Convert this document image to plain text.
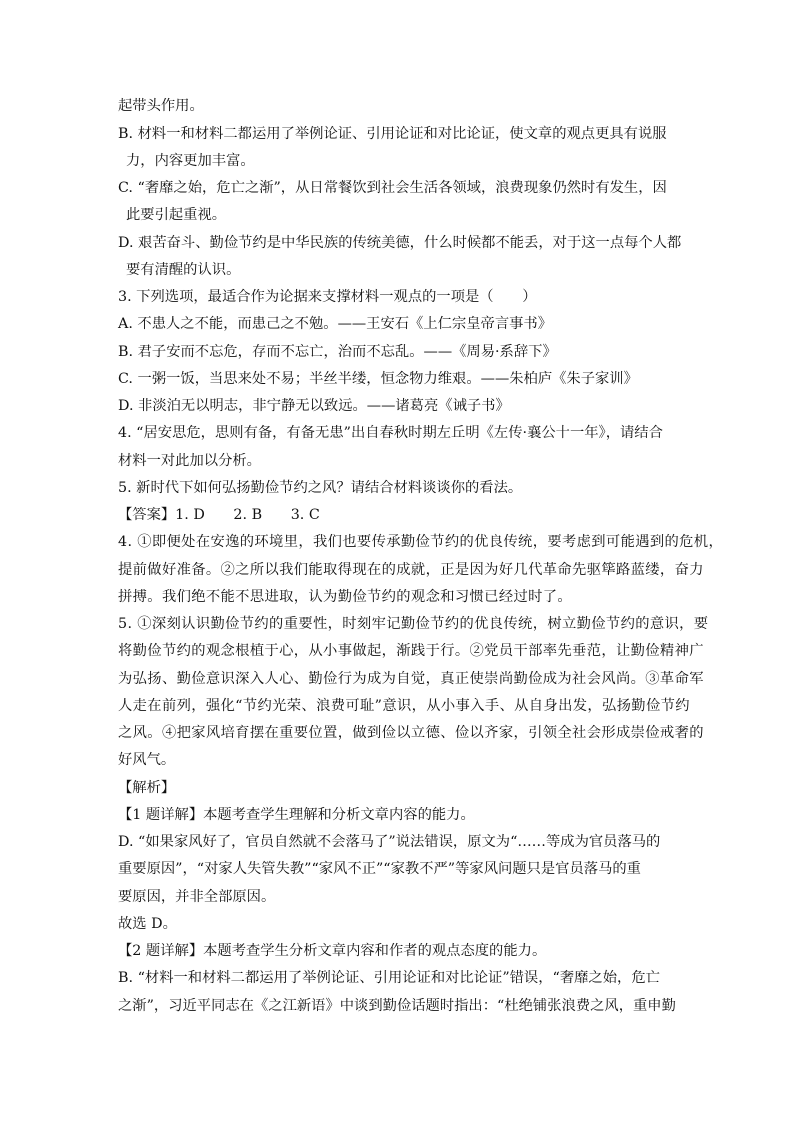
起带头作用。
B. 材料一和材料二都运用了举例论证、引用论证和对比论证，使文章的观点更具有说服
力，内容更加丰富。
C. “奢靡之始，危亡之渐”，从日常餐饮到社会生活各领域，浪费现象仍然时有发生，因
此要引起重视。
D. 艰苦奋斗、勤俭节约是中华民族的传统美德，什么时候都不能丢，对于这一点每个人都
要有清醒的认识。
3. 下列选项，最适合作为论据来支撑材料一观点的一项是（　　）
A. 不患人之不能，而患己之不勉。——王安石《上仁宗皇帝言事书》
B. 君子安而不忘危，存而不忘亡，治而不忘乱。——《周易·系辞下》
C. 一粥一饭，当思来处不易；半丝半缕，恒念物力维艰。——朱柏庐《朱子家训》
D. 非淡泊无以明志，非宁静无以致远。——诸葛亮《诫子书》
4. “居安思危，思则有备，有备无患”出自春秋时期左丘明《左传·襄公十一年》，请结合
材料一对此加以分析。
5. 新时代下如何弘扬勤俭节约之风？请结合材料谈谈你的看法。
【答案】1. D　　2. B　　3. C
4. ①即便处在安逸的环境里，我们也要传承勤俭节约的优良传统，要考虑到可能遇到的危机，
提前做好准备。②之所以我们能取得现在的成就，正是因为好几代革命先驱筚路蓝缕，奋力
拼搏。我们绝不能不思进取，认为勤俭节约的观念和习惯已经过时了。
5. ①深刻认识勤俭节约的重要性，时刻牢记勤俭节约的优良传统，树立勤俭节约的意识，要
将勤俭节约的观念根植于心，从小事做起，渐践于行。②党员干部率先垂范，让勤俭精神广
为弘扬、勤俭意识深入人心、勤俭行为成为自觉，真正使崇尚勤俭成为社会风尚。③革命军
人走在前列，强化“节约光荣、浪费可耻”意识，从小事入手、从自身出发，弘扬勤俭节约
之风。④把家风培育摆在重要位置，做到俭以立德、俭以齐家，引领全社会形成崇俭戒奢的
好风气。
【解析】
【1 题详解】本题考查学生理解和分析文章内容的能力。
D. “如果家风好了，官员自然就不会落马了”说法错误，原文为“……等成为官员落马的
重要原因”，“对家人失管失教”“家风不正”“家教不严”等家风问题只是官员落马的重
要原因，并非全部原因。
故选 D。
【2 题详解】本题考查学生分析文章内容和作者的观点态度的能力。
B. “材料一和材料二都运用了举例论证、引用论证和对比论证”错误，“奢靡之始，危亡
之渐”，习近平同志在《之江新语》中谈到勤俭话题时指出：“杜绝铺张浪费之风，重申勤
